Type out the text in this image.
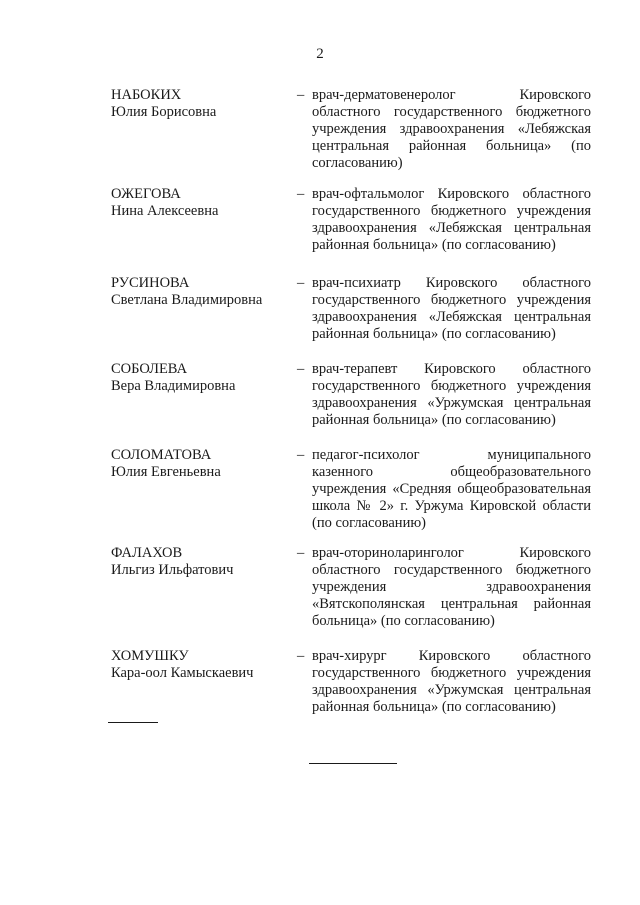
2
НАБОКИХ
Юлия Борисовна
– врач-дерматовенеролог Кировского областного государственного бюджетного учреждения здравоохранения «Лебяжская центральная районная больница» (по согласованию)

ОЖЕГОВА
Нина Алексеевна
– врач-офтальмолог Кировского областного государственного бюджетного учреждения здравоохранения «Лебяжская центральная районная больница» (по согласованию)

РУСИНОВА
Светлана Владимировна
– врач-психиатр Кировского областного государственного бюджетного учреждения здравоохранения «Лебяжская центральная районная больница» (по согласованию)

СОБОЛЕВА
Вера Владимировна
– врач-терапевт Кировского областного государственного бюджетного учреждения здравоохранения «Уржумская центральная районная больница» (по согласованию)

СОЛОМАТОВА
Юлия Евгеньевна
– педагог-психолог муниципального казенного общеобразовательного учреждения «Средняя общеобразовательная школа № 2» г. Уржума Кировской области (по согласованию)

ФАЛАХОВ
Ильгиз Ильфатович
– врач-оториноларинголог Кировского областного государственного бюджетного учреждения здравоохранения «Вятскополянская центральная районная больница» (по согласованию)

ХОМУШКУ
Кара-оол Камыскаевич
– врач-хирург Кировского областного государственного бюджетного учреждения здравоохранения «Уржумская центральная районная больница» (по согласованию)
